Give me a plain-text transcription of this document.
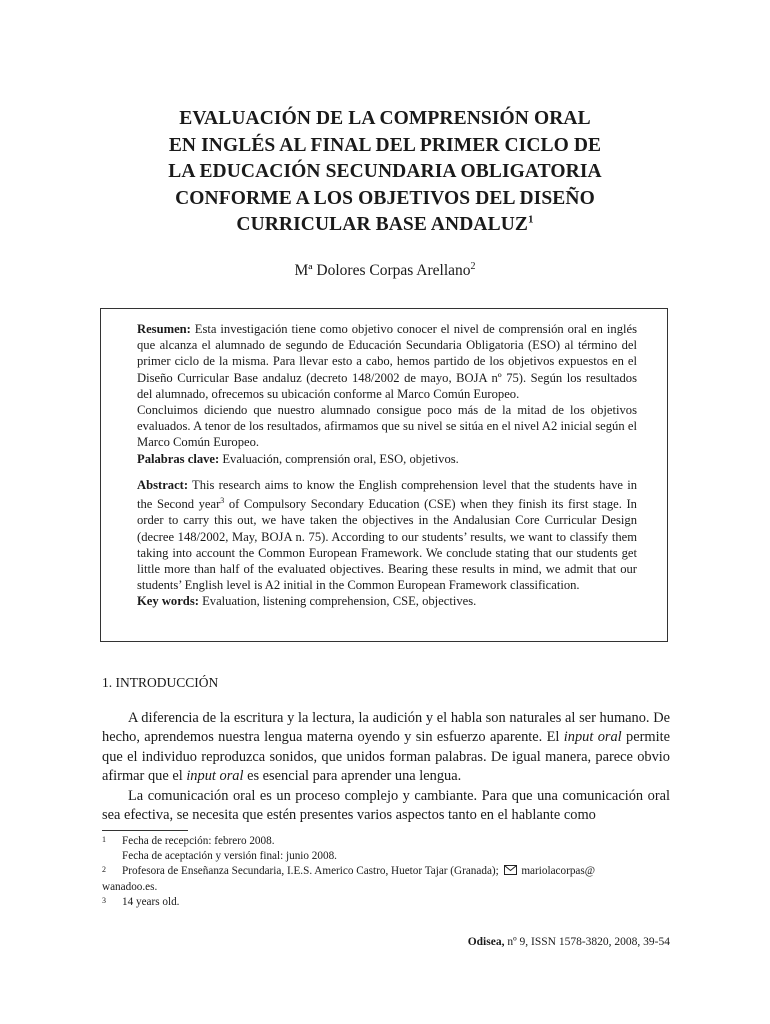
EVALUACIÓN DE LA COMPRENSIÓN ORAL
EN INGLÉS AL FINAL DEL PRIMER CICLO DE
LA EDUCACIÓN SECUNDARIA OBLIGATORIA
CONFORME A LOS OBJETIVOS DEL DISEÑO
CURRICULAR BASE ANDALUZ$^1$
Mª Dolores Corpas Arellano$^2$

Resumen: Esta investigación tiene como objetivo conocer el nivel de comprensión oral en inglés que alcanza el alumnado de segundo de Educación Secundaria Obligatoria (ESO) al término del primer ciclo de la misma. Para llevar esto a cabo, hemos partido de los objetivos expuestos en el Diseño Curricular Base andaluz (decreto 148/2002 de mayo, BOJA nº 75). Según los resultados del alumnado, ofrecemos su ubicación conforme al Marco Común Europeo.

Concluimos diciendo que nuestro alumnado consigue poco más de la mitad de los objetivos evaluados. A tenor de los resultados, afirmamos que su nivel se sitúa en el nivel A2 inicial según el Marco Común Europeo.

Palabras clave: Evaluación, comprensión oral, ESO, objetivos.

Abstract: This research aims to know the English comprehension level that the students have in the Second year$^3$ of Compulsory Secondary Education (CSE) when they finish its first stage. In order to carry this out, we have taken the objectives in the Andalusian Core Curricular Design (decree 148/2002, May, BOJA n. 75). According to our students’ results, we want to classify them taking into account the Common European Framework. We conclude stating that our students get little more than half of the evaluated objectives. Bearing these results in mind, we admit that our students’ English level is A2 initial in the Common European Framework classification.

Key words: Evaluation, listening comprehension, CSE, objectives.

1. INTRODUCCIÓN

A diferencia de la escritura y la lectura, la audición y el habla son naturales al ser humano. De hecho, aprendemos nuestra lengua materna oyendo y sin esfuerzo aparente. El input oral permite que el individuo reproduzca sonidos, que unidos forman palabras. De igual manera, parece obvio afirmar que el input oral es esencial para aprender una lengua.

La comunicación oral es un proceso complejo y cambiante. Para que una comunicación oral sea efectiva, se necesita que estén presentes varios aspectos tanto en el hablante como

1 Fecha de recepción: febrero 2008.
Fecha de aceptación y versión final: junio 2008.
2 Profesora de Enseñanza Secundaria, I.E.S. Americo Castro, Huetor Tajar (Granada); mariolacorpas@
wanadoo.es.
3 14 years old.
Odisea, nº 9, ISSN 1578-3820, 2008, 39-54
